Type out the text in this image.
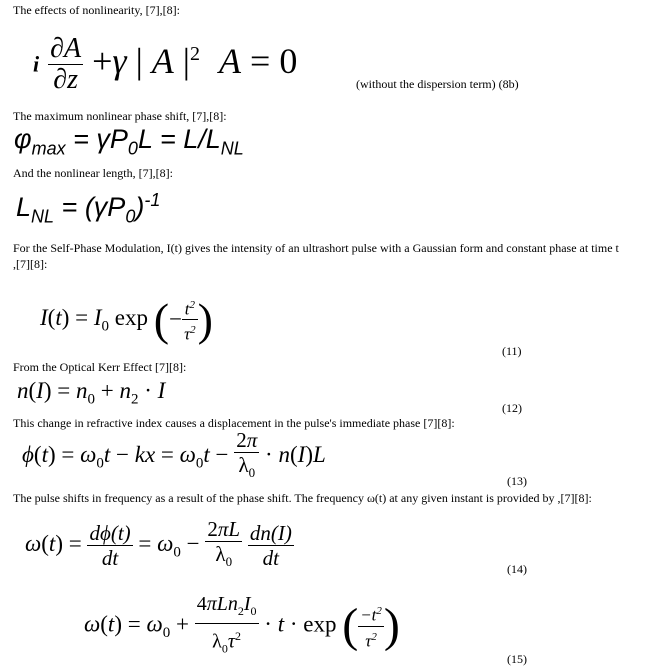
The effects of nonlinearity, [7],[8]:
i $\frac{\partial A}{\partial z} +\gamma$ | A $|^2$ A = 0
(without the dispersion term) (8b)
The maximum nonlinear phase shift, [7],[8]:
$\varphi_{max} = \gamma P_0L = L/L_{NL}$
And the nonlinear length, [7],[8]:
$L_{NL} = (\gamma P_0)^{-1}$
For the Self-Phase Modulation, I(t) gives the intensity of an ultrashort pulse with a Gaussian form and constant phase at time t
,[7][8]:
$I(t) = I_0$ exp (− $\frac{t^2}{\tau^2}$ )
(11)
From the Optical Kerr Effect [7][8]:
$n(I) = n_0 + n_2 \cdot I$
(12)
This change in refractive index causes a displacement in the pulse's immediate phase [7][8]:
$\phi(t) = \omega_0t$ − kx = $\omega_0t - \frac{2\pi}{\lambda_0} \cdot n(I)L$
(13)
The pulse shifts in frequency as a result of the phase shift. The frequency ω(t) at any given instant is provided by ,[7][8]:
$\omega(t) = \frac{d\phi(t)}{dt} = \omega_0 - \frac{2\pi L}{\lambda_0}$
$\frac{dn(I)}{dt}$	(14)
$\omega(t) = \omega_0 + \frac{4\pi Ln_2I_0}{\lambda_0\tau^2} \cdot t \cdot \exp$ ( $\frac{-t^2}{\tau^2}$ )
(15)
